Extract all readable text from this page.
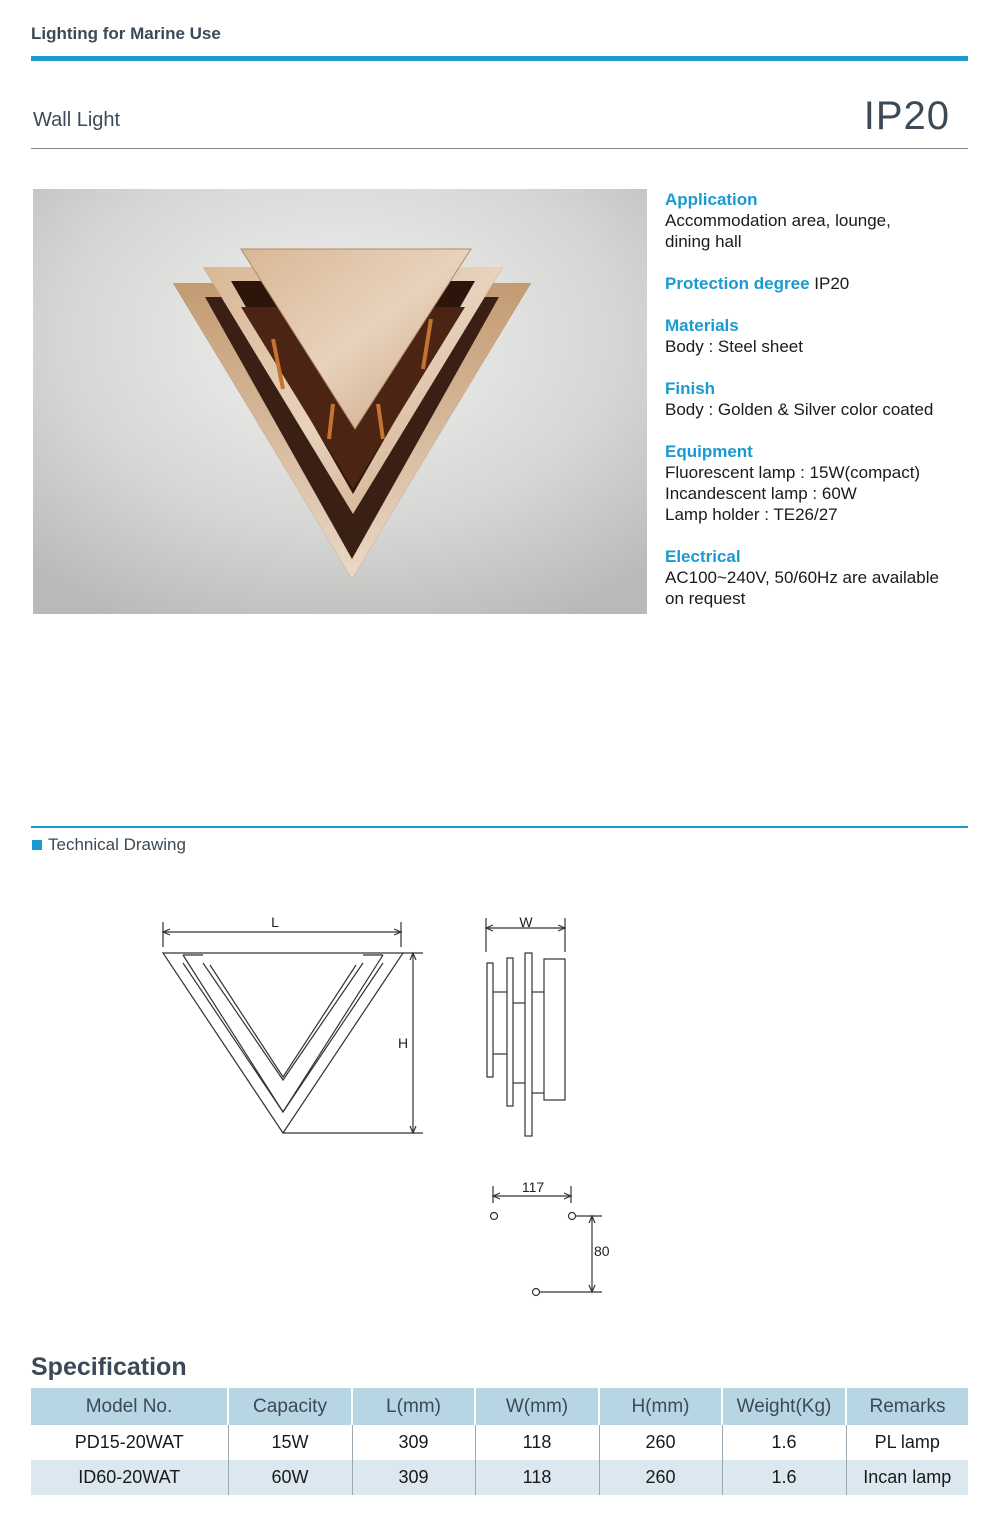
Lighting for Marine Use
Wall Light	IP20
Application
Accommodation area, lounge,
dining hall
Protection degree IP20
Materials
Body : Steel sheet
Finish
Body : Golden & Silver color coated
Equipment
Fluorescent lamp : 15W(compact)
Incandescent lamp : 60W
Lamp holder : TE26/27
Electrical
AC100~240V, 50/60Hz are available
on request
Technical Drawing
L
H
W
117
80
Specification
Model No.	Capacity	L(mm)	W(mm)	H(mm)	Weight(Kg)	Remarks
PD15-20WAT	15W	309	118	260	1.6	PL lamp
ID60-20WAT	60W	309	118	260	1.6	Incan lamp
